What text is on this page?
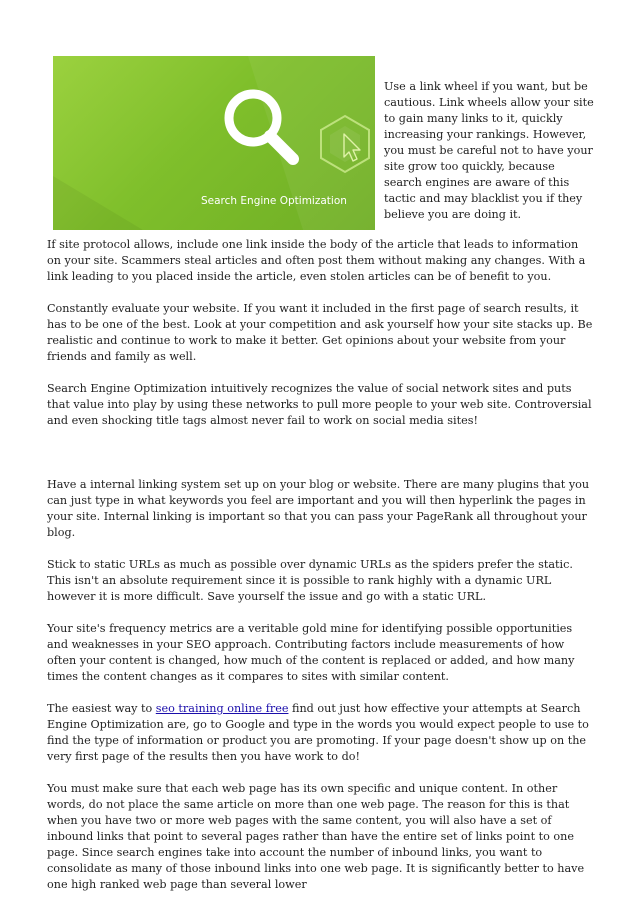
Search Engine Optimization

Use a link wheel if you want, but be cautious. Link wheels allow your site to gain many links to it, quickly increasing your rankings. However, you must be careful not to have your site grow too quickly, because search engines are aware of this tactic and may blacklist you if they believe you are doing it.

If site protocol allows, include one link inside the body of the article that leads to information on your site. Scammers steal articles and often post them without making any changes. With a link leading to you placed inside the article, even stolen articles can be of benefit to you.

Constantly evaluate your website. If you want it included in the first page of search results, it has to be one of the best. Look at your competition and ask yourself how your site stacks up. Be realistic and continue to work to make it better. Get opinions about your website from your friends and family as well.

Search Engine Optimization intuitively recognizes the value of social network sites and puts that value into play by using these networks to pull more people to your web site. Controversial and even shocking title tags almost never fail to work on social media sites!

Have a internal linking system set up on your blog or website. There are many plugins that you can just type in what keywords you feel are important and you will then hyperlink the pages in your site. Internal linking is important so that you can pass your PageRank all throughout your blog.

Stick to static URLs as much as possible over dynamic URLs as the spiders prefer the static. This isn't an absolute requirement since it is possible to rank highly with a dynamic URL however it is more difficult. Save yourself the issue and go with a static URL.

Your site's frequency metrics are a veritable gold mine for identifying possible opportunities and weaknesses in your SEO approach. Contributing factors include measurements of how often your content is changed, how much of the content is replaced or added, and how many times the content changes as it compares to sites with similar content.

The easiest way to seo training online free find out just how effective your attempts at Search Engine Optimization are, go to Google and type in the words you would expect people to use to find the type of information or product you are promoting. If your page doesn't show up on the very first page of the results then you have work to do!

You must make sure that each web page has its own specific and unique content. In other words, do not place the same article on more than one web page. The reason for this is that when you have two or more web pages with the same content, you will also have a set of inbound links that point to several pages rather than have the entire set of links point to one page. Since search engines take into account the number of inbound links, you want to consolidate as many of those inbound links into one web page. It is significantly better to have one high ranked web page than several lower
